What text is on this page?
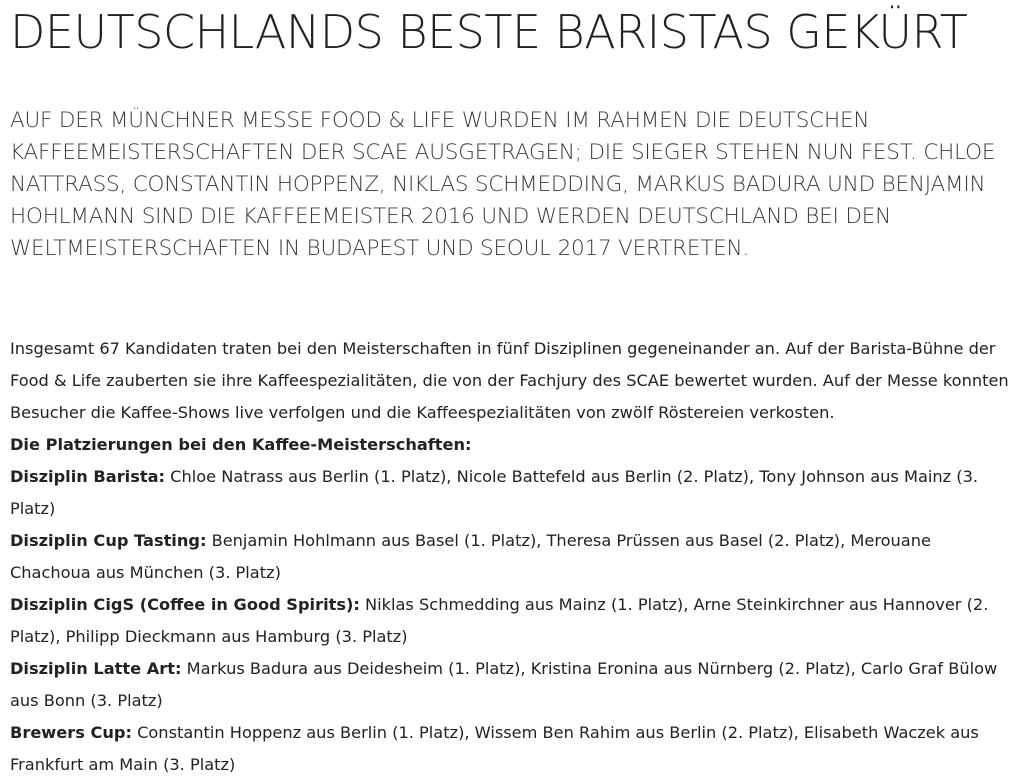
DEUTSCHLANDS BESTE BARISTAS GEKÜRT

AUF DER MÜNCHNER MESSE FOOD & LIFE WURDEN IM RAHMEN DIE DEUTSCHEN KAFFEEMEISTERSCHAFTEN DER SCAE AUSGETRAGEN; DIE SIEGER STEHEN NUN FEST. CHLOE NATTRASS, CONSTANTIN HOPPENZ, NIKLAS SCHMEDDING, MARKUS BADURA UND BENJAMIN HOHLMANN SIND DIE KAFFEEMEISTER 2016 UND WERDEN DEUTSCHLAND BEI DEN WELTMEISTERSCHAFTEN IN BUDAPEST UND SEOUL 2017 VERTRETEN.

Insgesamt 67 Kandidaten traten bei den Meisterschaften in fünf Disziplinen gegeneinander an. Auf der Barista-Bühne der Food & Life zauberten sie ihre Kaffeespezialitäten, die von der Fachjury des SCAE bewertet wurden. Auf der Messe konnten Besucher die Kaffee-Shows live verfolgen und die Kaffeespezialitäten von zwölf Röstereien verkosten.

Die Platzierungen bei den Kaffee-Meisterschaften:

Disziplin Barista: Chloe Natrass aus Berlin (1. Platz), Nicole Battefeld aus Berlin (2. Platz), Tony Johnson aus Mainz (3. Platz)

Disziplin Cup Tasting: Benjamin Hohlmann aus Basel (1. Platz), Theresa Prüssen aus Basel (2. Platz), Merouane Chachoua aus München (3. Platz)

Disziplin CigS (Coffee in Good Spirits): Niklas Schmedding aus Mainz (1. Platz), Arne Steinkirchner aus Hannover (2. Platz), Philipp Dieckmann aus Hamburg (3. Platz)

Disziplin Latte Art: Markus Badura aus Deidesheim (1. Platz), Kristina Eronina aus Nürnberg (2. Platz), Carlo Graf Bülow aus Bonn (3. Platz)

Brewers Cup: Constantin Hoppenz aus Berlin (1. Platz), Wissem Ben Rahim aus Berlin (2. Platz), Elisabeth Waczek aus Frankfurt am Main (3. Platz)
